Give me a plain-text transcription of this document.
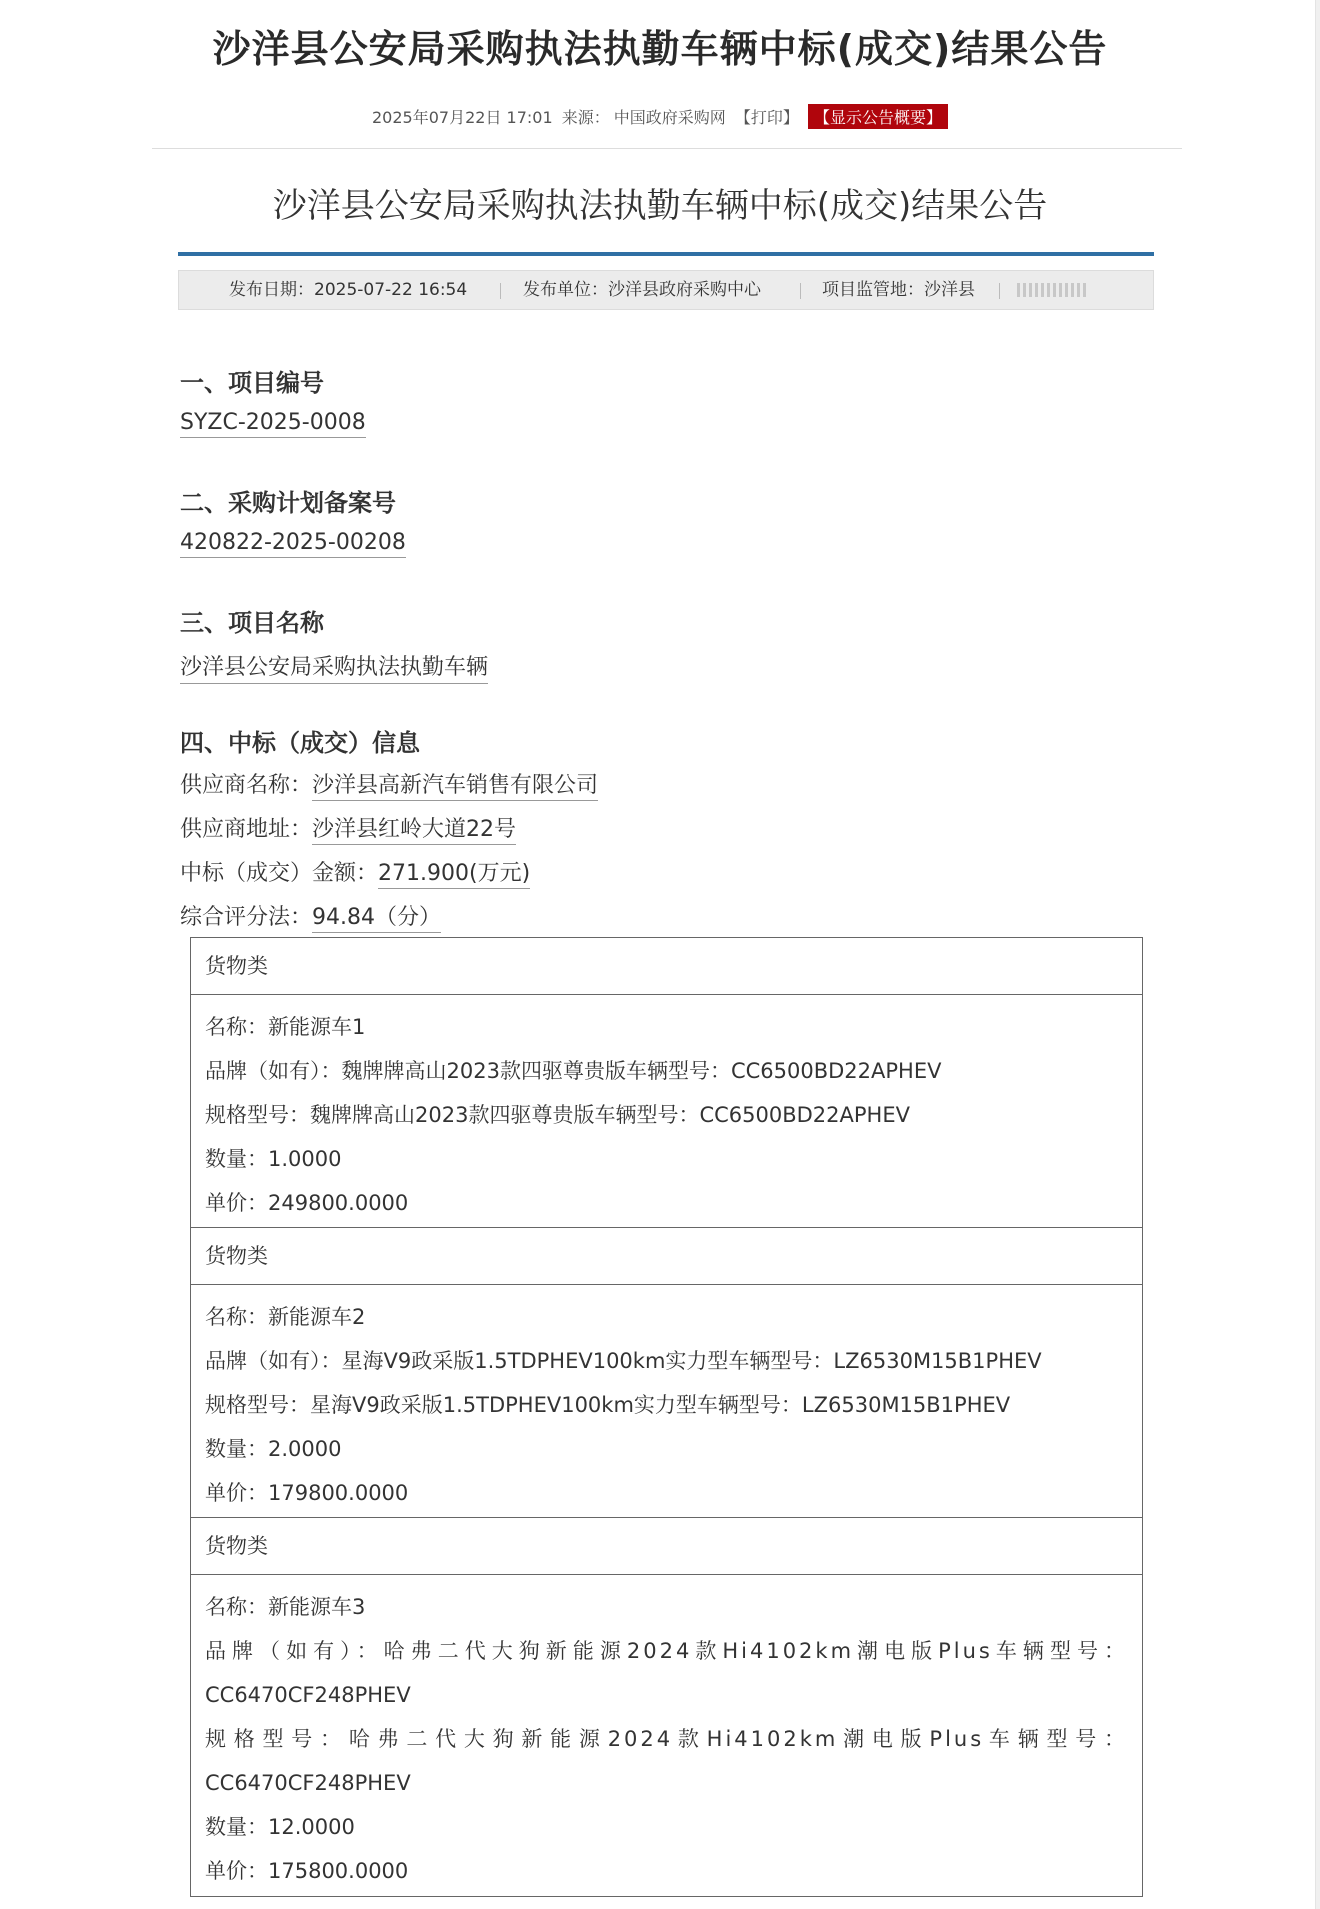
沙洋县公安局采购执法执勤车辆中标(成交)结果公告
2025年07月22日 17:01 来源： 中国政府采购网 【打印】 【显示公告概要】
沙洋县公安局采购执法执勤车辆中标(成交)结果公告
发布日期：2025-07-22 16:54	发布单位：沙洋县政府采购中心	项目监管地：沙洋县
一、项目编号
SYZC-2025-0008
二、采购计划备案号
420822-2025-00208
三、项目名称
沙洋县公安局采购执法执勤车辆
四、中标（成交）信息
供应商名称：沙洋县高新汽车销售有限公司
供应商地址：沙洋县红岭大道22号
中标（成交）金额：271.900(万元)
综合评分法：94.84（分）
货物类
名称：新能源车1
品牌（如有）：魏牌牌高山2023款四驱尊贵版车辆型号：CC6500BD22APHEV
规格型号：魏牌牌高山2023款四驱尊贵版车辆型号：CC6500BD22APHEV
数量：1.0000
单价：249800.0000
货物类
名称：新能源车2
品牌（如有）：星海V9政采版1.5TDPHEV100km实力型车辆型号：LZ6530M15B1PHEV
规格型号：星海V9政采版1.5TDPHEV100km实力型车辆型号：LZ6530M15B1PHEV
数量：2.0000
单价：179800.0000
货物类
名称：新能源车3
品牌（如有）：哈弗二代大狗新能源2024款Hi4102km潮电版Plus车辆型号：
CC6470CF248PHEV
规格型号：哈弗二代大狗新能源2024款Hi4102km潮电版Plus车辆型号：
CC6470CF248PHEV
数量：12.0000
单价：175800.0000
